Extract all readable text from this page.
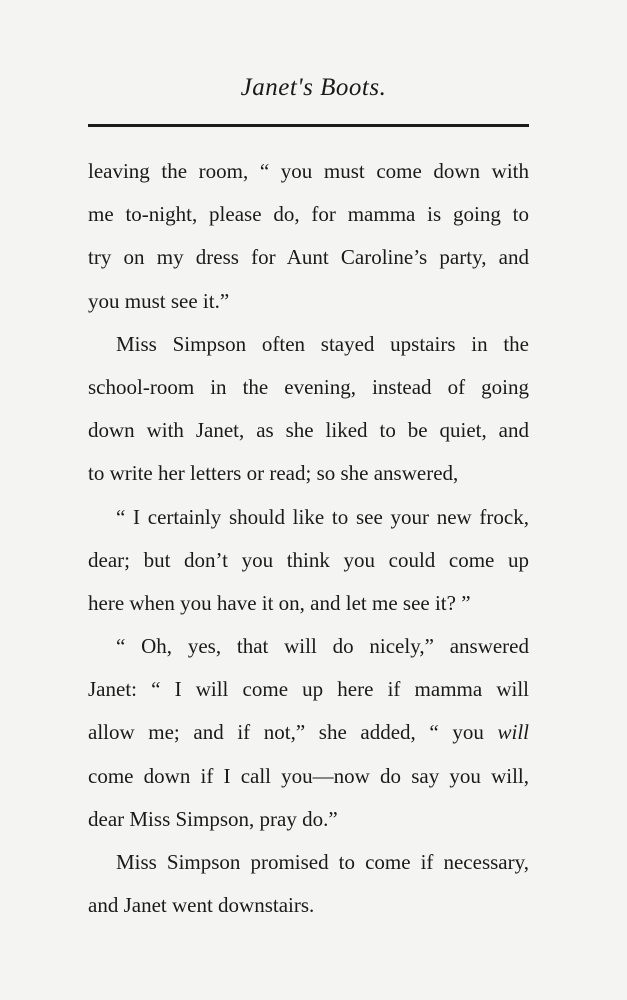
Janet's Boots.
leaving the room, “ you must come down with
me to-night, please do, for mamma is going to
try on my dress for Aunt Caroline’s party, and
you must see it.”
Miss Simpson often stayed upstairs in the
school-room in the evening, instead of going
down with Janet, as she liked to be quiet, and
to write her letters or read; so she answered,
“ I certainly should like to see your new frock,
dear; but don’t you think you could come up
here when you have it on, and let me see it? ”
“ Oh, yes, that will do nicely,” answered
Janet: “ I will come up here if mamma will
allow me; and if not,” she added, “ you will
come down if I call you—now do say you will,
dear Miss Simpson, pray do.”
Miss Simpson promised to come if necessary,
and Janet went downstairs.
